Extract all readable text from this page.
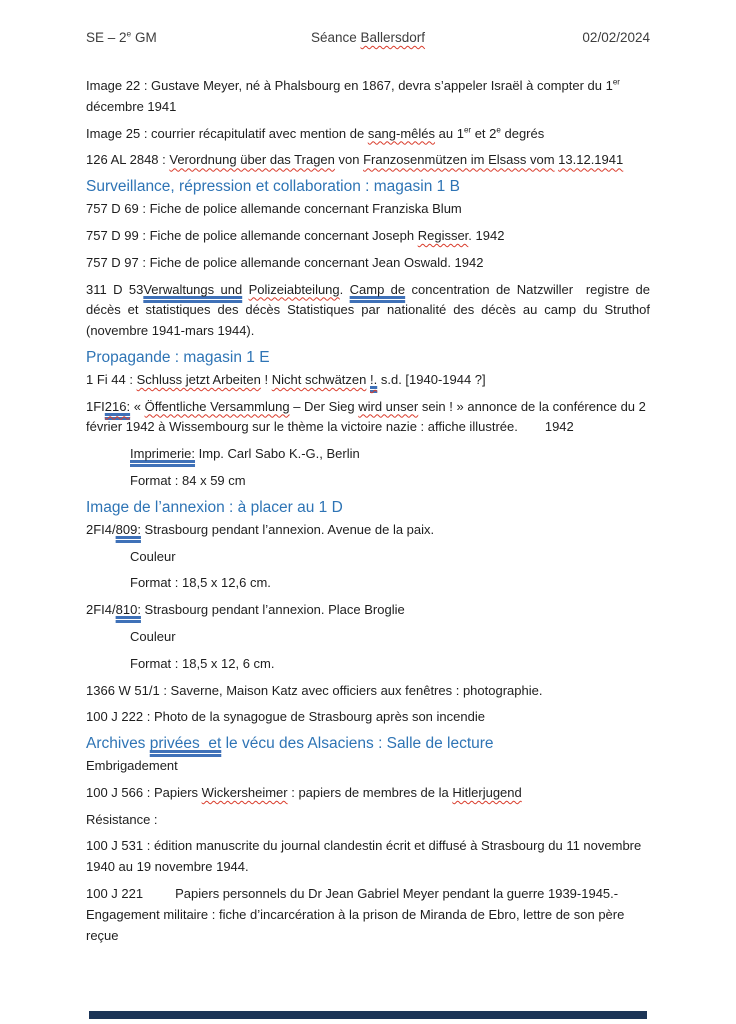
SE – 2e GM	Séance Ballersdorf	02/02/2024

Image 22 : Gustave Meyer, né à Phalsbourg en 1867, devra s’appeler Israël à compter du 1er décembre 1941

Image 25 : courrier récapitulatif avec mention de sang-mêlés au 1er et 2e degrés

126 AL 2848 : Verordnung über das Tragen von Franzosenmützen im Elsass vom 13.12.1941

Surveillance, répression et collaboration : magasin 1 B

757 D 69 : Fiche de police allemande concernant Franziska Blum

757 D 99 : Fiche de police allemande concernant Joseph Regisser. 1942

757 D 97 : Fiche de police allemande concernant Jean Oswald. 1942

311 D 53Verwaltungs und Polizeiabteilung. Camp de concentration de Natzwiller  registre de décès et statistiques des décès Statistiques par nationalité des décès au camp du Struthof (novembre 1941-mars 1944).

Propagande : magasin 1 E

1 Fi 44 : Schluss jetzt Arbeiten ! Nicht schwätzen !. s.d. [1940-1944 ?]

1FI216: « Öffentliche Versammlung – Der Sieg wird unser sein ! » annonce de la conférence du 2 février 1942 à Wissembourg sur le thème la victoire nazie : affiche illustrée. 1942

Imprimerie: Imp. Carl Sabo K.-G., Berlin

Format : 84 x 59 cm

Image de l’annexion : à placer au 1 D

2FI4/809: Strasbourg pendant l’annexion. Avenue de la paix.

Couleur

Format : 18,5 x 12,6 cm.

2FI4/810: Strasbourg pendant l’annexion. Place Broglie

Couleur

Format : 18,5 x 12, 6 cm.

1366 W 51/1 : Saverne, Maison Katz avec officiers aux fenêtres : photographie.

100 J 222 : Photo de la synagogue de Strasbourg après son incendie

Archives privées  et le vécu des Alsaciens : Salle de lecture

Embrigadement

100 J 566 : Papiers Wickersheimer : papiers de membres de la Hitlerjugend

Résistance :

100 J 531 : édition manuscrite du journal clandestin écrit et diffusé à Strasbourg du 11 novembre 1940 au 19 novembre 1944.

100 J 221 Papiers personnels du Dr Jean Gabriel Meyer pendant la guerre 1939-1945.- Engagement militaire : fiche d’incarcération à la prison de Miranda de Ebro, lettre de son père reçue
